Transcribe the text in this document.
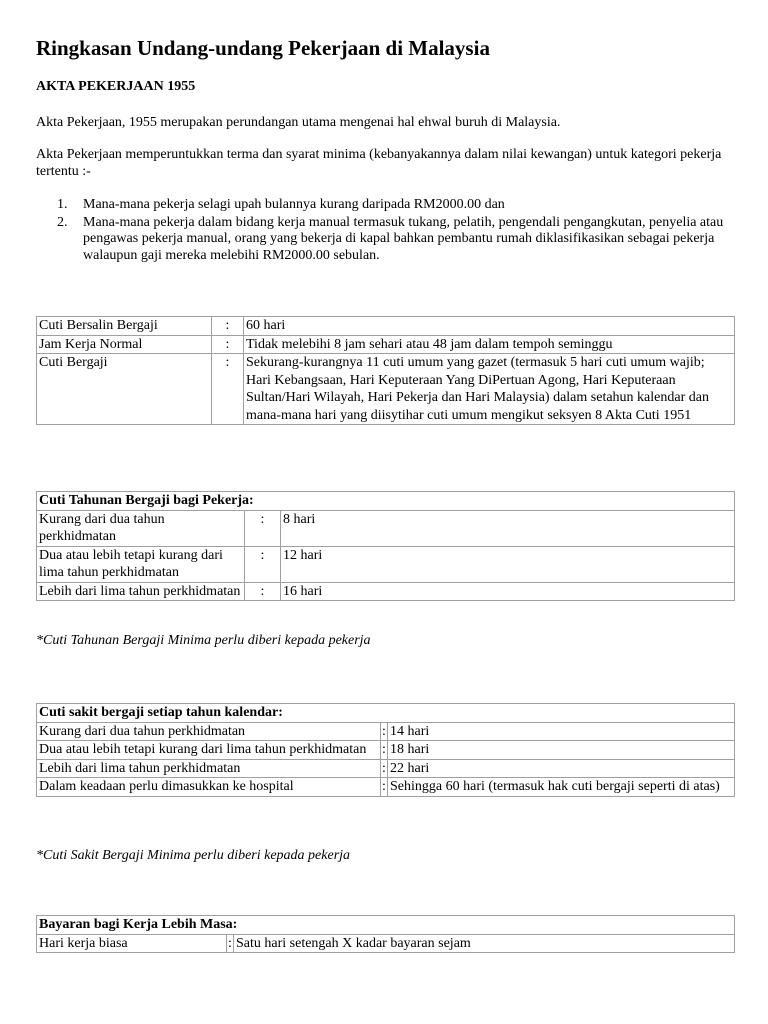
Ringkasan Undang-undang Pekerjaan di Malaysia
AKTA PEKERJAAN 1955

Akta Pekerjaan, 1955 merupakan perundangan utama mengenai hal ehwal buruh di Malaysia.

Akta Pekerjaan memperuntukkan terma dan syarat minima (kebanyakannya dalam nilai kewangan) untuk kategori pekerja tertentu :-

1. Mana-mana pekerja selagi upah bulannya kurang daripada RM2000.00 dan
2. Mana-mana pekerja dalam bidang kerja manual termasuk tukang, pelatih, pengendali pengangkutan, penyelia atau pengawas pekerja manual, orang yang bekerja di kapal bahkan pembantu rumah diklasifikasikan sebagai pekerja walaupun gaji mereka melebihi RM2000.00 sebulan.
Cuti Bersalin Bergaji	:	60 hari
Jam Kerja Normal	:	Tidak melebihi 8 jam sehari atau 48 jam dalam tempoh seminggu
Cuti Bergaji	:	Sekurang-kurangnya 11 cuti umum yang gazet (termasuk 5 hari cuti umum wajib; Hari Kebangsaan, Hari Keputeraan Yang DiPertuan Agong, Hari Keputeraan Sultan/Hari Wilayah, Hari Pekerja dan Hari Malaysia) dalam setahun kalendar dan mana-mana hari yang diisytihar cuti umum mengikut seksyen 8 Akta Cuti 1951
Cuti Tahunan Bergaji bagi Pekerja:		
Kurang dari dua tahun perkhidmatan	:	8 hari
Dua atau lebih tetapi kurang dari lima tahun perkhidmatan	:	12 hari
Lebih dari lima tahun perkhidmatan	:	16 hari

*Cuti Tahunan Bergaji Minima perlu diberi kepada pekerja

Cuti sakit bergaji setiap tahun kalendar:		
Kurang dari dua tahun perkhidmatan	:	14 hari
Dua atau lebih tetapi kurang dari lima tahun perkhidmatan	:	18 hari
Lebih dari lima tahun perkhidmatan	:	22 hari
Dalam keadaan perlu dimasukkan ke hospital	:	Sehingga 60 hari (termasuk hak cuti bergaji seperti di atas)

*Cuti Sakit Bergaji Minima perlu diberi kepada pekerja

Bayaran bagi Kerja Lebih Masa:
Hari kerja biasa	:	Satu hari setengah X kadar bayaran sejam
